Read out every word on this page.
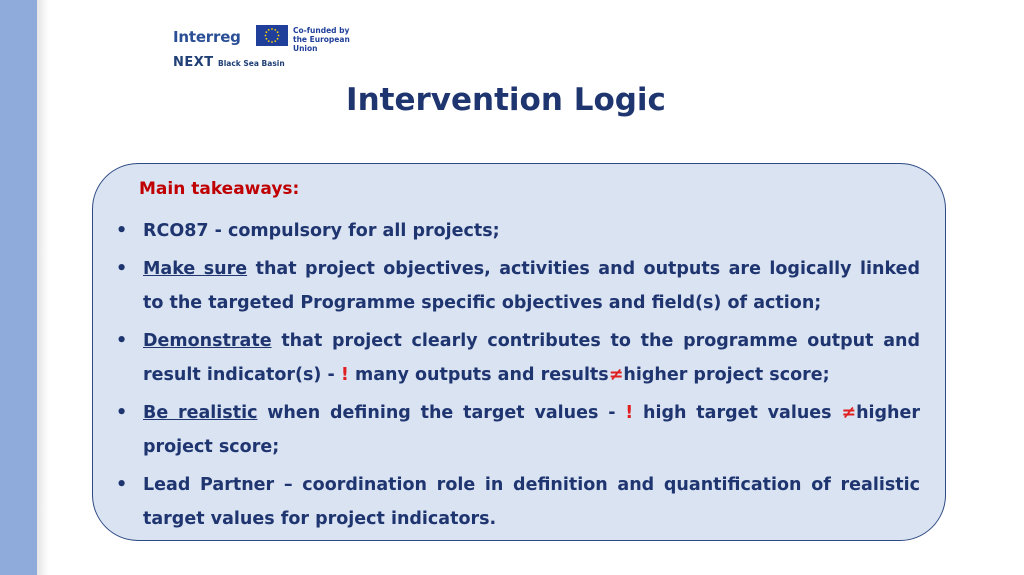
Interreg	Co-funded by
the European Union
NEXT Black Sea Basin
Intervention Logic
Main takeaways:
• RCO87 - compulsory for all projects;
• Make sure that project objectives, activities and outputs are logically linked to the targeted Programme specific objectives and field(s) of action;
• Demonstrate that project clearly contributes to the programme output and result indicator(s) - ! many outputs and results≠higher project score;
• Be realistic when defining the target values - ! high target values ≠higher project score;
• Lead Partner – coordination role in definition and quantification of realistic target values for project indicators.
